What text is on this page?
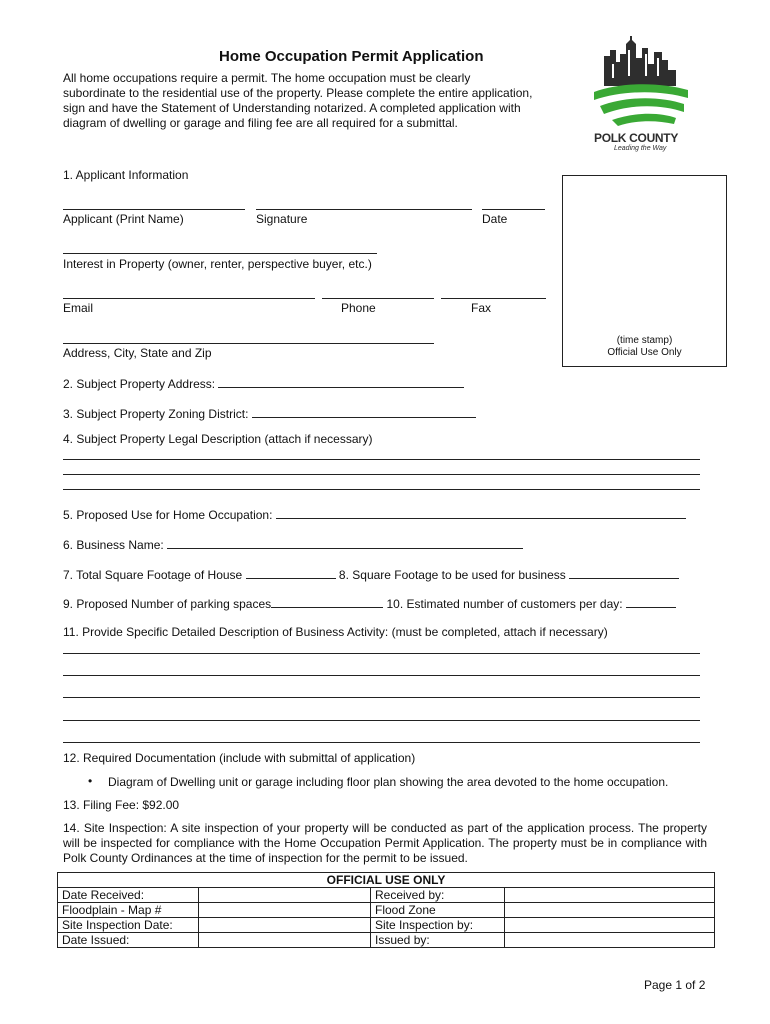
Home Occupation Permit Application
All home occupations require a permit. The home occupation must be clearly subordinate to the residential use of the property. Please complete the entire application, sign and have the Statement of Understanding notarized. A completed application with diagram of dwelling or garage and filing fee are all required for a submittal.
POLK COUNTY
Leading the Way
1. Applicant Information
Applicant (Print Name)	Signature	Date
Interest in Property (owner, renter, perspective buyer, etc.)
Email	Phone	Fax
Address, City, State and Zip
(time stamp)
Official Use Only
2. Subject Property Address:
3. Subject Property Zoning District:
4. Subject Property Legal Description (attach if necessary)
5. Proposed Use for Home Occupation:
6. Business Name:
7. Total Square Footage of House	8. Square Footage to be used for business
9. Proposed Number of parking spaces	10. Estimated number of customers per day:
11. Provide Specific Detailed Description of Business Activity: (must be completed, attach if necessary)
12. Required Documentation (include with submittal of application)
• Diagram of Dwelling unit or garage including floor plan showing the area devoted to the home occupation.
13. Filing Fee: $92.00
14. Site Inspection: A site inspection of your property will be conducted as part of the application process. The property will be inspected for compliance with the Home Occupation Permit Application. The property must be in compliance with Polk County Ordinances at the time of inspection for the permit to be issued.
OFFICIAL USE ONLY			
Date Received:		Received by:	
Floodplain - Map #		Flood Zone	
Site Inspection Date:		Site Inspection by:	
Date Issued:		Issued by:	
Page 1 of 2
